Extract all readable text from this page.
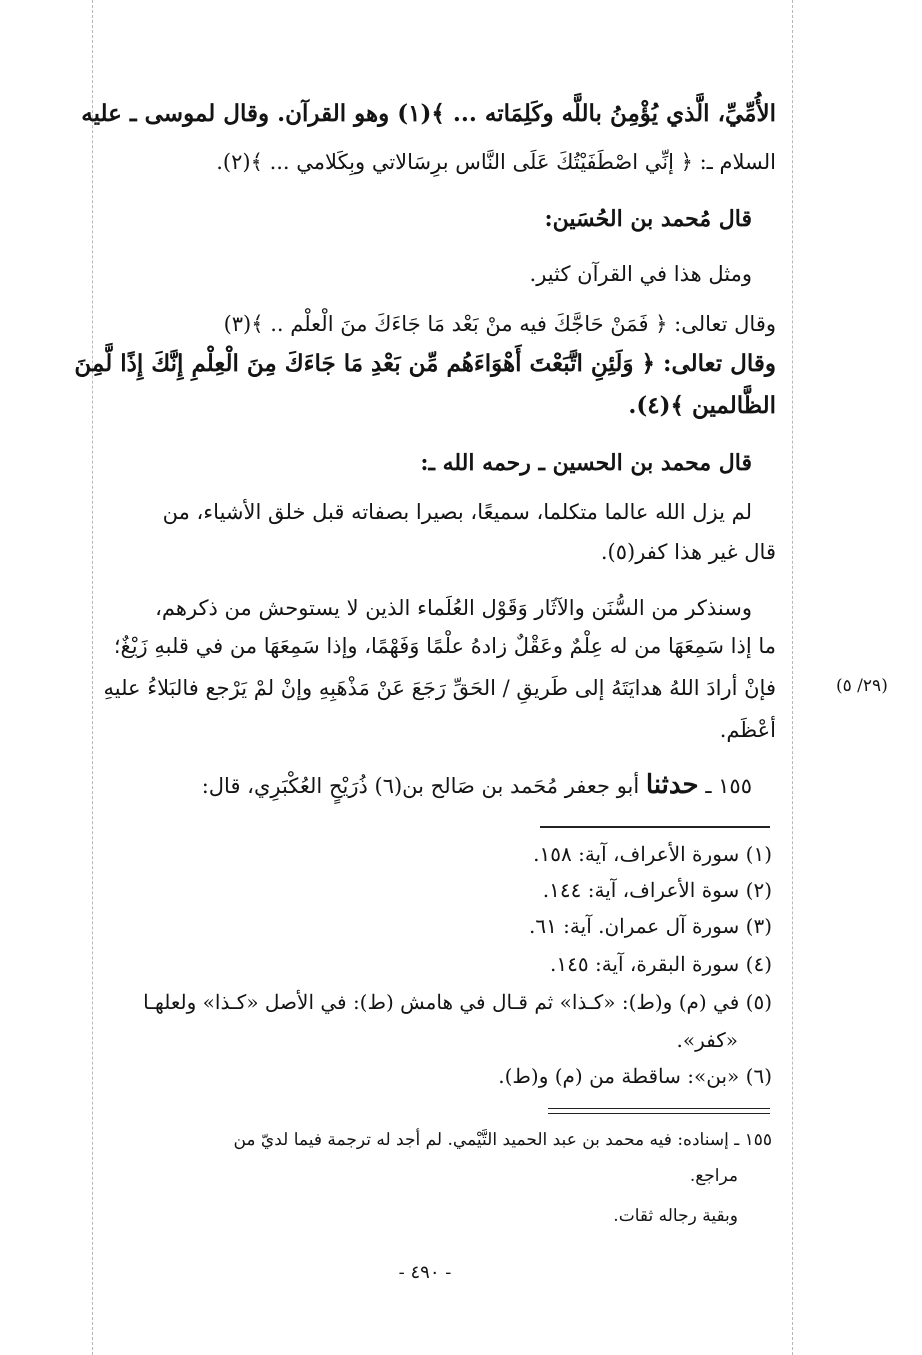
الأُمِّيِّ، الَّذي يُؤْمِنُ باللَّه وكَلِمَاته ... ﴾(١) وهو القرآن. وقال لموسى ـ عليه
السلام ـ: ﴿ إنِّي اصْطَفَيْتُكَ عَلَى النَّاس برِسَالاتي وبِكَلامي ... ﴾(٢).
قال مُحمد بن الحُسَين:
ومثل هذا في القرآن كثير.
وقال تعالى: ﴿ فَمَنْ حَاجَّكَ فيه منْ بَعْد مَا جَاءَكَ منَ الْعلْم .. ﴾(٣)
وقال تعالى: ﴿ وَلَئِنِ اتَّبَعْتَ أَهْوَاءَهُم مِّن بَعْدِ مَا جَاءَكَ مِنَ الْعِلْمِ إِنَّكَ إِذًا لَّمِنَ
الظَّالمين ﴾(٤).
قال محمد بن الحسين ـ رحمه الله ـ:
لم يزل الله عالما متكلما، سميعًا، بصيرا بصفاته قبل خلق الأشياء، من
قال غير هذا كفر(٥).
وسنذكر من السُّنَن والآثَار وَقَوْل العُلَماء الذين لا يستوحش من ذكرهم،
ما إذا سَمِعَهَا من له عِلْمٌ وعَقْلٌ زادهُ علْمًا وَفَهْمًا، وإذا سَمِعَهَا من في قلبهِ زَيْغٌ؛
فإنْ أرادَ اللهُ هدايَتَهُ إلى طَريقِ / الحَقِّ رَجَعَ عَنْ مَذْهَبِهِ وإنْ لمْ يَرْجع فالبَلاءُ عليهِ
أعْظَم.
(٢٩/ ٥)
١٥٥ ـ حدثنا أبو جعفر مُحَمد بن صَالح بن(٦) ذُرَيْحٍ العُكْبَرِي، قال:
(١) سورة الأعراف، آية: ١٥٨.
(٢) سوة الأعراف، آية: ١٤٤.
(٣) سورة آل عمران. آية: ٦١.
(٤) سورة البقرة، آية: ١٤٥.
(٥) في (م) و(ط): «كـذا» ثم قـال في هامش (ط): في الأصل «كـذا» ولعلهـا
«كفر».
(٦) «بن»: ساقطة من (م) و(ط).
١٥٥ ـ إسناده: فيه محمد بن عبد الحميد التَّيْمي. لم أجد له ترجمة فيما لديّ من
مراجع.
وبقية رجاله ثقات.
- ٤٩٠ -
